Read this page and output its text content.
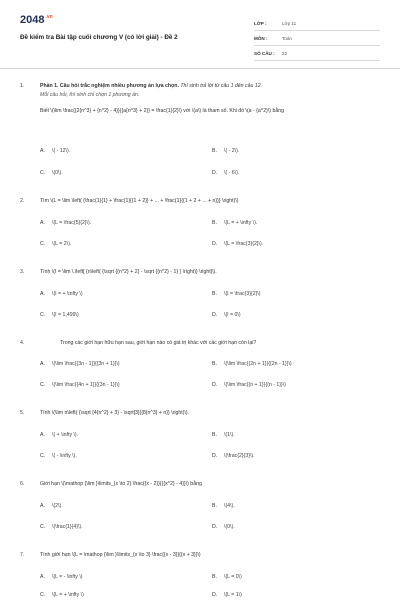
$2048^{.vn}$
Đề kiểm tra Bài tập cuối chương V (có lời giải) - Đề 2
LỚP :	Lớp 11
MÔN :	Toán
SỐ CÂU :	22
1.	Phần 1. Câu hỏi trắc nghiệm nhiều phương án lựa chọn. Thí sinh trả lời từ câu 1 đến câu 12.
Mỗi câu hỏi, thí sinh chỉ chọn 1 phương án.
Biết \(\lim \frac{{2{n^3} + {n^2} - 4}}{{a{n^3} + 2}} = \frac{1}{2}\) với \(a\) là tham số. Khi đó \(a - {a^2}\) bằng
A.	\( - 12\).	B.	\( - 2\).
C.	\(0\).	D.	\( - 6\).
2.	Tìm \(L = \lim \left( {\frac{1}{1} + \frac{1}{{1 + 2}} + ... + \frac{1}{{1 + 2 + ... + n}}} \right)\)
A.	\(L = \frac{5}{2}\).	B.	\(L = + \infty \).
C.	\(L = 2\).	D.	\(L = \frac{3}{2}\).
3.	Tính \(I = \lim \,\left[ {n\left( {\sqrt {{n^2} + 2} - \sqrt {{n^2} - 1} } \right)} \right]\).
A.	\(I = + \infty \)	B.	\(I = \frac{3}{2}\)
C.	\(I = 1,499\)	D.	\(I = 0\)
4.	Trong các giới hạn hữu hạn sau, giới hạn nào có giá trị khác với các giới hạn còn lại?
A.	\(\lim \frac{{3n - 1}}{{3n + 1}}\)	B.	\(\lim \frac{{2n + 1}}{{2n - 1}}\)
C.	\(\lim \frac{{4n + 1}}{{3n - 1}}\)	D.	\(\lim \frac{{n + 1}}{{n - 1}}\)
5.	Tính \(\lim n\left( {\sqrt {4{n^2} + 3} - \sqrt[3]{{8{n^3} + n}} \right)\).
A.	\( + \infty \).	B.	\(1\).
C.	\( - \infty \).	D.	\(\frac{2}{3}\).
6.	Giới hạn \(\mathop {\lim }\limits_{x \to 2} \frac{{x - 2}}{{{x^2} - 4}}\) bằng
A.	\(2\).	B.	\(4\).
C.	\(\frac{1}{4}\).	D.	\(0\).
7.	Tính giới hạn \(L = \mathop {\lim }\limits_{x \to 3} \frac{{x - 3}}{{x + 3}}\)
A.	\(L = - \infty \)	B.	\(L = 0\)
C.	\(L = + \infty \)	D.	\(L = 1\)
